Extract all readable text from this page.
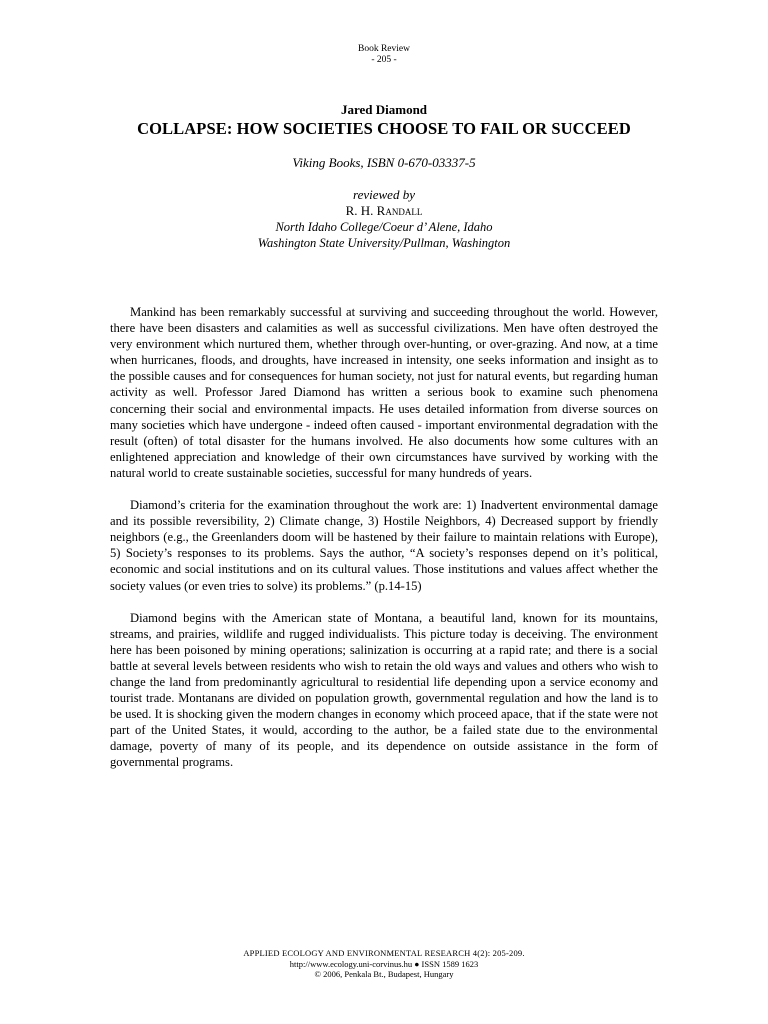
Book Review
- 205 -
Jared Diamond
COLLAPSE: HOW SOCIETIES CHOOSE TO FAIL OR SUCCEED
Viking Books, ISBN 0-670-03337-5
reviewed by
R. H. Randall
North Idaho College/Coeur d’ Alene, Idaho
Washington State University/Pullman, Washington

Mankind has been remarkably successful at surviving and succeeding throughout the world. However, there have been disasters and calamities as well as successful civilizations. Men have often destroyed the very environment which nurtured them, whether through over-hunting, or over-grazing. And now, at a time when hurricanes, floods, and droughts, have increased in intensity, one seeks information and insight as to the possible causes and for consequences for human society, not just for natural events, but regarding human activity as well. Professor Jared Diamond has written a serious book to examine such phenomena concerning their social and environmental impacts. He uses detailed information from diverse sources on many societies which have undergone - indeed often caused - important environmental degradation with the result (often) of total disaster for the humans involved. He also documents how some cultures with an enlightened appreciation and knowledge of their own circumstances have survived by working with the natural world to create sustainable societies, successful for many hundreds of years.

Diamond’s criteria for the examination throughout the work are: 1) Inadvertent environmental damage and its possible reversibility, 2) Climate change, 3) Hostile Neighbors, 4) Decreased support by friendly neighbors (e.g., the Greenlanders doom will be hastened by their failure to maintain relations with Europe), 5) Society’s responses to its problems. Says the author, “A society’s responses depend on it’s political, economic and social institutions and on its cultural values. Those institutions and values affect whether the society values (or even tries to solve) its problems.” (p.14-15)

Diamond begins with the American state of Montana, a beautiful land, known for its mountains, streams, and prairies, wildlife and rugged individualists. This picture today is deceiving. The environment here has been poisoned by mining operations; salinization is occurring at a rapid rate; and there is a social battle at several levels between residents who wish to retain the old ways and values and others who wish to change the land from predominantly agricultural to residential life depending upon a service economy and tourist trade. Montanans are divided on population growth, governmental regulation and how the land is to be used. It is shocking given the modern changes in economy which proceed apace, that if the state were not part of the United States, it would, according to the author, be a failed state due to the environmental damage, poverty of many of its people, and its dependence on outside assistance in the form of governmental programs.

APPLIED ECOLOGY AND ENVIRONMENTAL RESEARCH 4(2): 205-209.
http://www.ecology.uni-corvinus.hu ● ISSN 1589 1623
© 2006, Penkala Bt., Budapest, Hungary
